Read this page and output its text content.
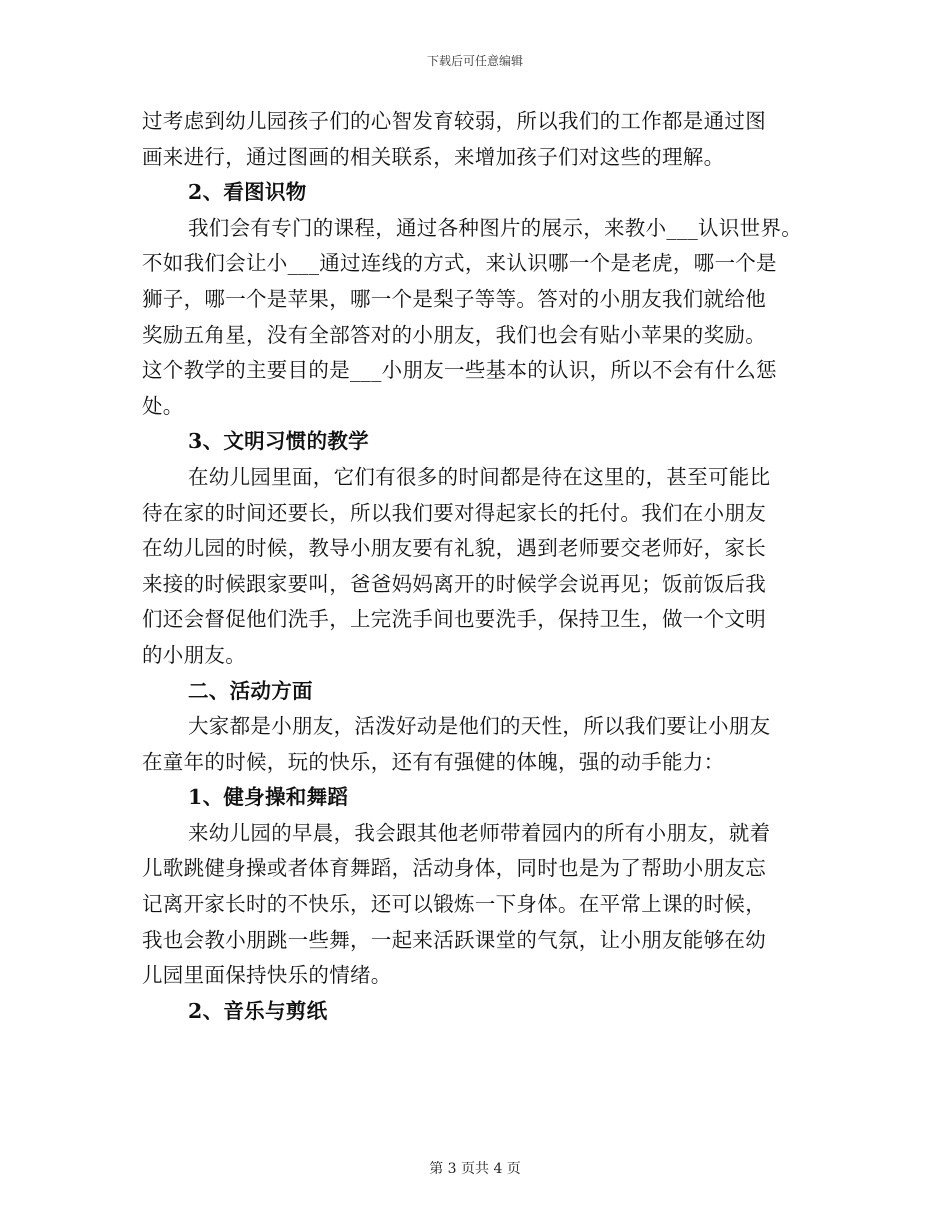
下载后可任意编辑
过考虑到幼儿园孩子们的心智发育较弱，所以我们的工作都是通过图
画来进行，通过图画的相关联系，来增加孩子们对这些的理解。
2、看图识物
我们会有专门的课程，通过各种图片的展示，来教小___认识世界。
不如我们会让小___通过连线的方式，来认识哪一个是老虎，哪一个是
狮子，哪一个是苹果，哪一个是梨子等等。答对的小朋友我们就给他
奖励五角星，没有全部答对的小朋友，我们也会有贴小苹果的奖励。
这个教学的主要目的是___小朋友一些基本的认识，所以不会有什么惩
处。
3、文明习惯的教学
在幼儿园里面，它们有很多的时间都是待在这里的，甚至可能比
待在家的时间还要长，所以我们要对得起家长的托付。我们在小朋友
在幼儿园的时候，教导小朋友要有礼貌，遇到老师要交老师好，家长
来接的时候跟家要叫，爸爸妈妈离开的时候学会说再见；饭前饭后我
们还会督促他们洗手，上完洗手间也要洗手，保持卫生，做一个文明
的小朋友。
二、活动方面
大家都是小朋友，活泼好动是他们的天性，所以我们要让小朋友
在童年的时候，玩的快乐，还有有强健的体魄，强的动手能力：
1、健身操和舞蹈
来幼儿园的早晨，我会跟其他老师带着园内的所有小朋友，就着
儿歌跳健身操或者体育舞蹈，活动身体，同时也是为了帮助小朋友忘
记离开家长时的不快乐，还可以锻炼一下身体。在平常上课的时候，
我也会教小朋跳一些舞，一起来活跃课堂的气氛，让小朋友能够在幼
儿园里面保持快乐的情绪。
2、音乐与剪纸
第 3 页共 4 页
